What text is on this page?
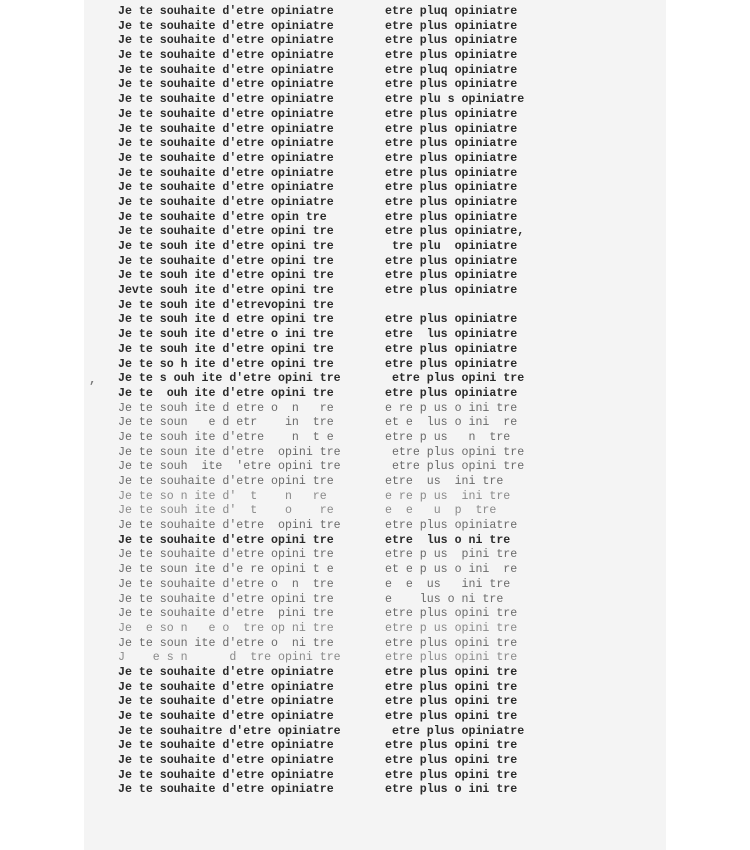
,
Je te souhaite d'etre opiniatre	etre pluq opiniatre
Je te souhaite d'etre opiniatre	etre plus opiniatre
Je te souhaite d'etre opiniatre	etre plus opiniatre
Je te souhaite d'etre opiniatre	etre plus opiniatre
Je te souhaite d'etre opiniatre	etre pluq opiniatre
Je te souhaite d'etre opiniatre	etre plus opiniatre
Je te souhaite d'etre opiniatre	etre plu s opiniatre
Je te souhaite d'etre opiniatre	etre plus opiniatre
Je te souhaite d'etre opiniatre	etre plus opiniatre
Je te souhaite d'etre opiniatre	etre plus opiniatre
Je te souhaite d'etre opiniatre	etre plus opiniatre
Je te souhaite d'etre opiniatre	etre plus opiniatre
Je te souhaite d'etre opiniatre	etre plus opiniatre
Je te souhaite d'etre opiniatre	etre plus opiniatre
Je te souhaite d'etre opin tre	etre plus opiniatre
Je te souhaite d'etre opini tre	etre plus opiniatre,
Je te souh ite d'etre opini tre	tre plu  opiniatre
Je te souhaite d'etre opini tre	etre plus opiniatre
Je te souh ite d'etre opini tre	etre plus opiniatre
Jevte souh ite d'etre opini tre	etre plus opiniatre
Je te souh ite d'etrevopini tre
Je te souh ite d etre opini tre	etre plus opiniatre
Je te souh ite d'etre o ini tre	etre  lus opiniatre
Je te souh ite d'etre opini tre	etre plus opiniatre
Je te so h ite d'etre opini tre	etre plus opiniatre
Je te s ouh ite d'etre opini tre	etre plus opini tre
Je te  ouh ite d'etre opini tre	etre plus opiniatre
Je te souh ite d etre o  n   re	e re p us o ini tre
Je te soun   e d etr    in  tre	et e  lus o ini  re
Je te souh ite d'etre    n  t e	etre p us   n  tre
Je te soun ite d'etre  opini tre	etre plus opini tre
Je te souh  ite  'etre opini tre	etre plus opini tre
Je te souhaite d'etre opini tre	etre  us  ini tre
Je te so n ite d'  t    n   re	e re p us  ini tre
Je te souh ite d'  t    o    re	e  e   u  p  tre
Je te souhaite d'etre  opini tre	etre plus opiniatre
Je te souhaite d'etre opini tre	etre  lus o ni tre
Je te souhaite d'etre opini tre	etre p us  pini tre
Je te soun ite d'e re opini t e	et e p us o ini  re
Je te souhaite d'etre o  n  tre	e  e  us   ini tre
Je te souhaite d'etre opini tre	e    lus o ni tre
Je te souhaite d'etre  pini tre	etre plus opini tre
Je  e so n   e o  tre op ni tre	etre p us opini tre
Je te soun ite d'etre o  ni tre	etre plus opini tre
J    e s n      d  tre opini tre	etre plus opini tre
Je te souhaite d'etre opiniatre	etre plus opini tre
Je te souhaite d'etre opiniatre	etre plus opini tre
Je te souhaite d'etre opiniatre	etre plus opini tre
Je te souhaite d'etre opiniatre	etre plus opini tre
Je te souhaitre d'etre opiniatre	etre plus opiniatre
Je te souhaite d'etre opiniatre	etre plus opini tre
Je te souhaite d'etre opiniatre	etre plus opini tre
Je te souhaite d'etre opiniatre	etre plus opini tre
Je te souhaite d'etre opiniatre	etre plus o ini tre
